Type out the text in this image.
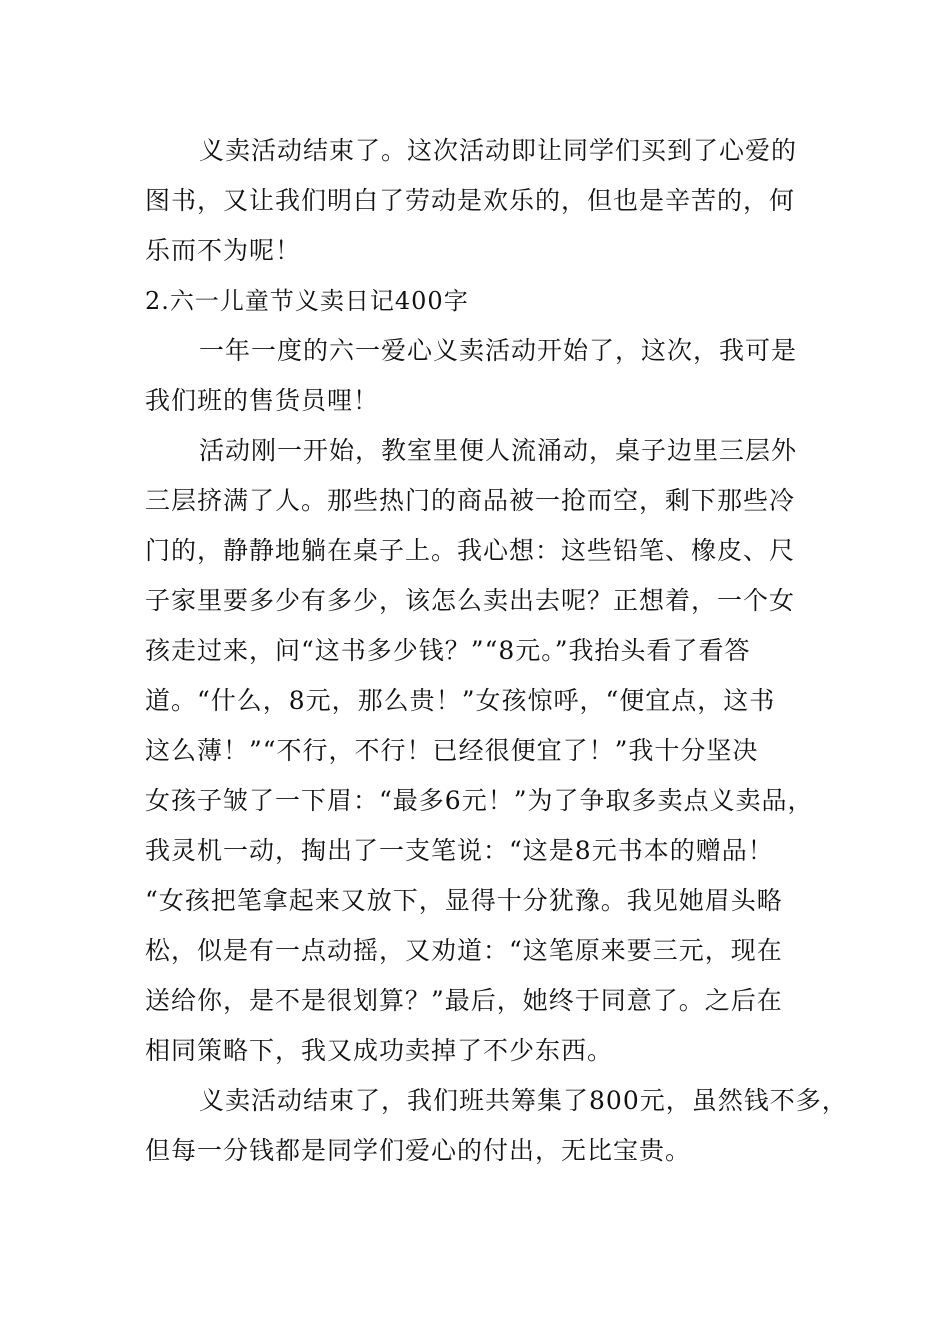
义卖活动结束了。这次活动即让同学们买到了心爱的
图书，又让我们明白了劳动是欢乐的，但也是辛苦的，何
乐而不为呢！
2.六一儿童节义卖日记400字
一年一度的六一爱心义卖活动开始了，这次，我可是
我们班的售货员哩！
活动刚一开始，教室里便人流涌动，桌子边里三层外
三层挤满了人。那些热门的商品被一抢而空，剩下那些冷
门的，静静地躺在桌子上。我心想：这些铅笔、橡皮、尺
子家里要多少有多少，该怎么卖出去呢？正想着，一个女
孩走过来，问“这书多少钱？”“8元。”我抬头看了看答
道。“什么，8元，那么贵！”女孩惊呼，“便宜点，这书
这么薄！”“不行，不行！已经很便宜了！”我十分坚决
女孩子皱了一下眉：“最多6元！”为了争取多卖点义卖品，
我灵机一动，掏出了一支笔说：“这是8元书本的赠品！
“女孩把笔拿起来又放下，显得十分犹豫。我见她眉头略
松，似是有一点动摇，又劝道：“这笔原来要三元，现在
送给你，是不是很划算？”最后，她终于同意了。之后在
相同策略下，我又成功卖掉了不少东西。
义卖活动结束了，我们班共筹集了800元，虽然钱不多，
但每一分钱都是同学们爱心的付出，无比宝贵。
